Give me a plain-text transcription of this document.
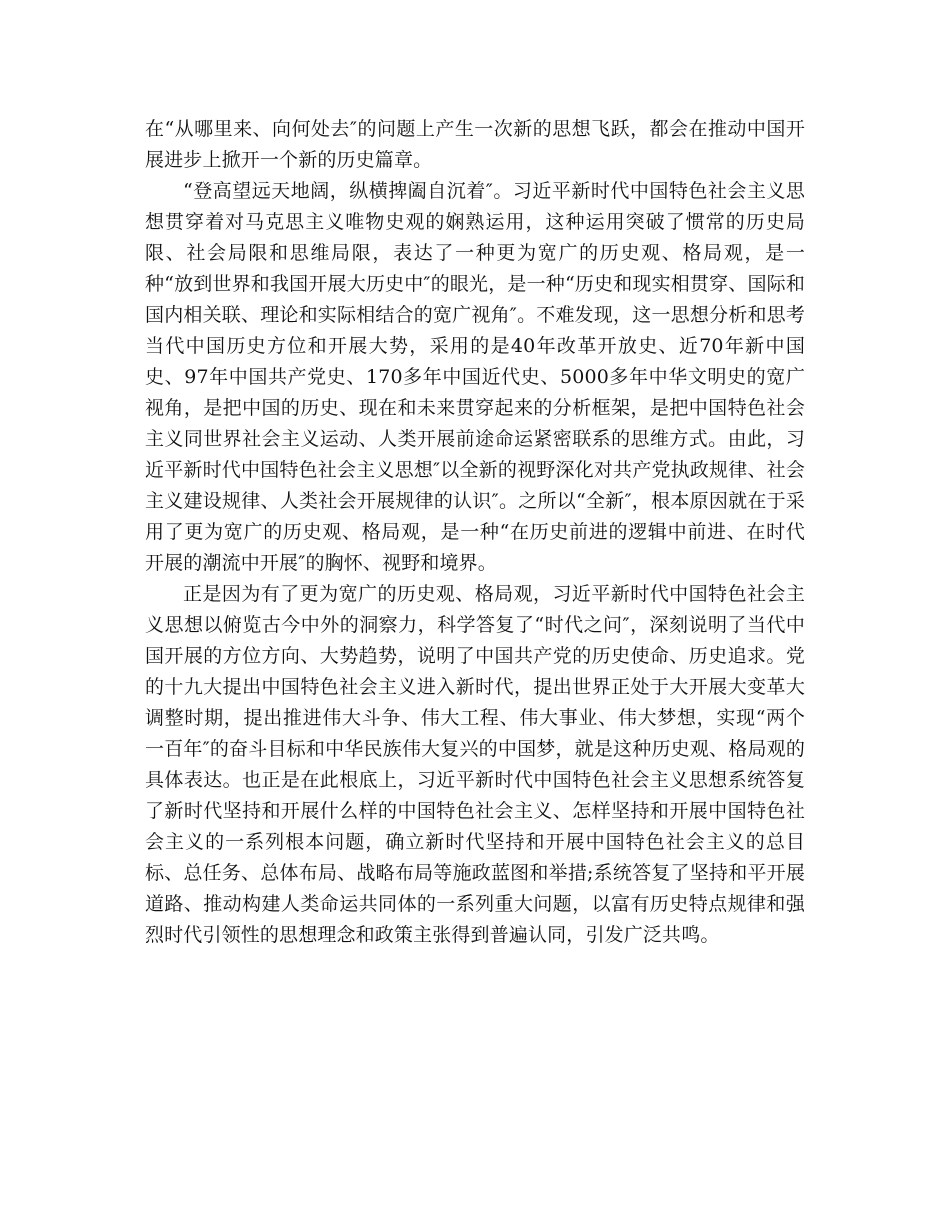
在“从哪里来、向何处去″的问题上产生一次新的思想飞跃，都会在推动中国开展进步上掀开一个新的历史篇章。

“登高望远天地阔，纵横捭阖自沉着″。习近平新时代中国特色社会主义思想贯穿着对马克思主义唯物史观的娴熟运用，这种运用突破了惯常的历史局限、社会局限和思维局限，表达了一种更为宽广的历史观、格局观，是一种“放到世界和我国开展大历史中″的眼光，是一种“历史和现实相贯穿、国际和国内相关联、理论和实际相结合的宽广视角″。不难发现，这一思想分析和思考当代中国历史方位和开展大势，采用的是40年改革开放史、近70年新中国史、97年中国共产党史、170多年中国近代史、5000多年中华文明史的宽广视角，是把中国的历史、现在和未来贯穿起来的分析框架，是把中国特色社会主义同世界社会主义运动、人类开展前途命运紧密联系的思维方式。由此，习近平新时代中国特色社会主义思想″以全新的视野深化对共产党执政规律、社会主义建设规律、人类社会开展规律的认识″。之所以“全新″，根本原因就在于采用了更为宽广的历史观、格局观，是一种“在历史前进的逻辑中前进、在时代开展的潮流中开展″的胸怀、视野和境界。

正是因为有了更为宽广的历史观、格局观，习近平新时代中国特色社会主义思想以俯览古今中外的洞察力，科学答复了“时代之问″，深刻说明了当代中国开展的方位方向、大势趋势，说明了中国共产党的历史使命、历史追求。党的十九大提出中国特色社会主义进入新时代，提出世界正处于大开展大变革大调整时期，提出推进伟大斗争、伟大工程、伟大事业、伟大梦想，实现“两个一百年″的奋斗目标和中华民族伟大复兴的中国梦，就是这种历史观、格局观的具体表达。也正是在此根底上，习近平新时代中国特色社会主义思想系统答复了新时代坚持和开展什么样的中国特色社会主义、怎样坚持和开展中国特色社会主义的一系列根本问题，确立新时代坚持和开展中国特色社会主义的总目标、总任务、总体布局、战略布局等施政蓝图和举措;系统答复了坚持和平开展道路、推动构建人类命运共同体的一系列重大问题，以富有历史特点规律和强烈时代引领性的思想理念和政策主张得到普遍认同，引发广泛共鸣。
